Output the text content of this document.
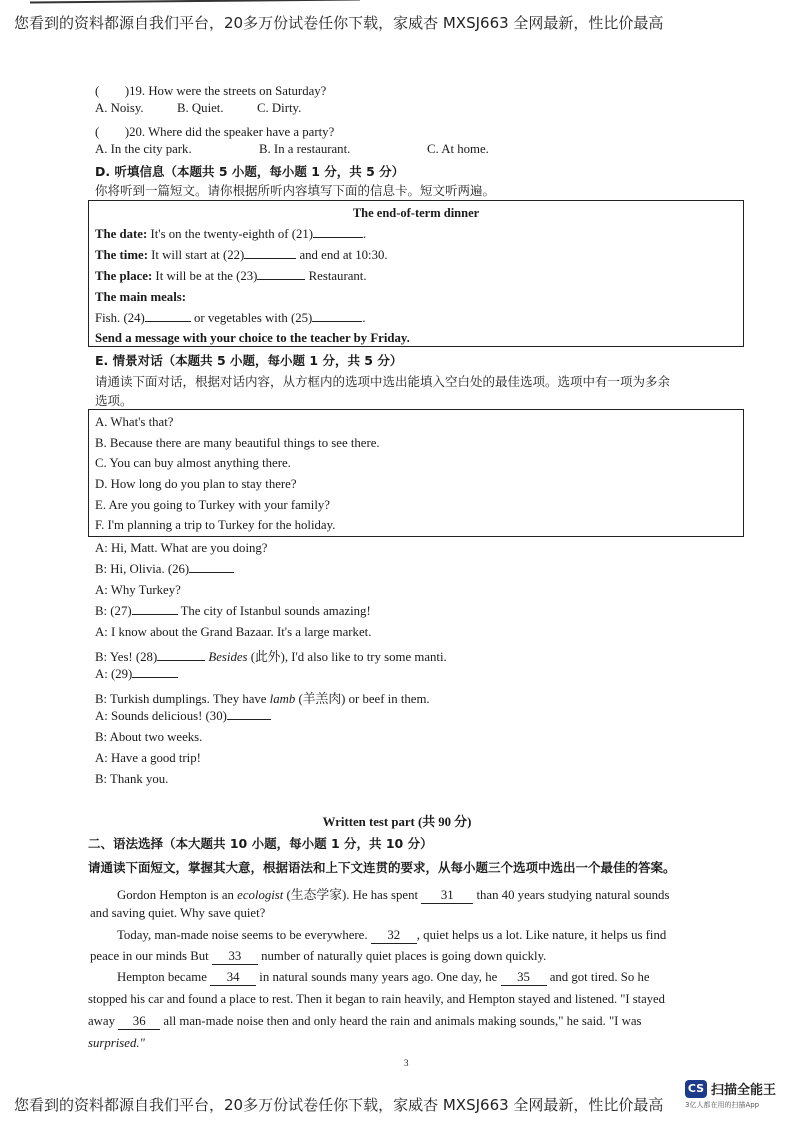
您看到的资料都源自我们平台，20多万份试卷任你下载，家威杏 MXSJ663 全网最新，性比价最高
(　　)19. How were the streets on Saturday?
A. Noisy.	B. Quiet.	C. Dirty.
(　　)20. Where did the speaker have a party?
A. In the city park.	B. In a restaurant.	C. At home.
D. 听填信息（本题共 5 小题，每小题 1 分，共 5 分）
你将听到一篇短文。请你根据所听内容填写下面的信息卡。短文听两遍。
The end-of-term dinner
The date: It's on the twenty-eighth of (21)	.
The time: It will start at (22)	and end at 10:30.
The place: It will be at the (23)	Restaurant.
The main meals:
Fish. (24)	or vegetables with (25)	.
Send a message with your choice to the teacher by Friday.
E. 情景对话（本题共 5 小题，每小题 1 分，共 5 分）
请通读下面对话，根据对话内容，从方框内的选项中选出能填入空白处的最佳选项。选项中有一项为多余
选项。
A. What's that?
B. Because there are many beautiful things to see there.
C. You can buy almost anything there.
D. How long do you plan to stay there?
E. Are you going to Turkey with your family?
F. I'm planning a trip to Turkey for the holiday.
A: Hi, Matt. What are you doing?
B: Hi, Olivia. (26)
A: Why Turkey?
B: (27)	The city of Istanbul sounds amazing!
A: I know about the Grand Bazaar. It's a large market.
B: Yes! (28)	Besides (此外), I'd also like to try some manti.
A: (29)
B: Turkish dumplings. They have lamb (羊羔肉) or beef in them.
A: Sounds delicious! (30)
B: About two weeks.
A: Have a good trip!
B: Thank you.
Written test part (共 90 分)
二、语法选择（本大题共 10 小题，每小题 1 分，共 10 分）
请通读下面短文，掌握其大意，根据语法和上下文连贯的要求，从每小题三个选项中选出一个最佳的答案。
Gordon Hempton is an ecologist (生态学家). He has spent 31 than 40 years studying natural sounds
and saving quiet. Why save quiet?
Today, man-made noise seems to be everywhere. 32 , quiet helps us a lot. Like nature, it helps us find
peace in our minds But 33 number of naturally quiet places is going down quickly.
Hempton became 34 in natural sounds many years ago. One day, he 35 and got tired. So he
stopped his car and found a place to rest. Then it began to rain heavily, and Hempton stayed and listened. "I stayed
away 36 all man-made noise then and only heard the rain and animals making sounds," he said. "I was
surprised."
3
您看到的资料都源自我们平台，20多万份试卷任你下载，家威杏 MXSJ663 全网最新，性比价最高
CS 扫描全能王
3亿人都在用的扫描App
